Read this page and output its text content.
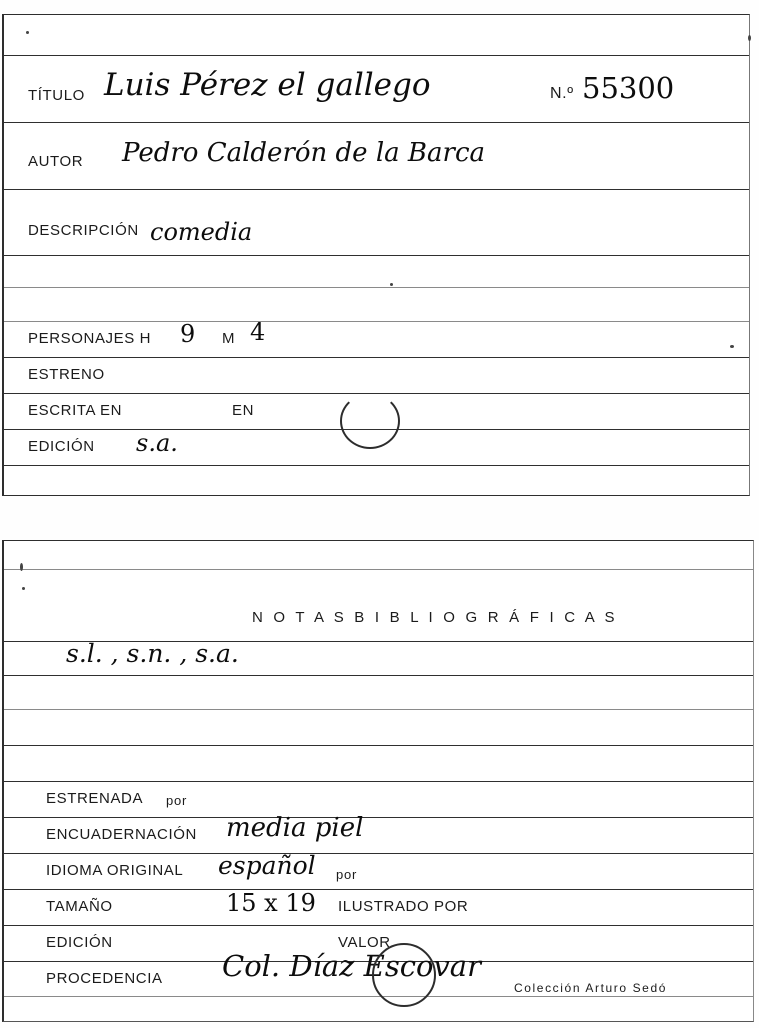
TÍTULO Luis Pérez el gallego	N.º 55300
AUTOR Pedro Calderón de la Barca
DESCRIPCIÓN comedia
PERSONAJES H 9 M 4
ESTRENO
ESCRITA EN	EN
EDICIÓN s.a.
N O T A S B I B L I O G R Á F I C A S
s.l. , s.n. , s.a.
ESTRENADA por
ENCUADERNACIÓN media piel
IDIOMA ORIGINAL español por
TAMAÑO	15 x 19 ILUSTRADO POR
EDICIÓN	VALOR
PROCEDENCIA Col. Díaz Escovar
Colección Arturo Sedó
